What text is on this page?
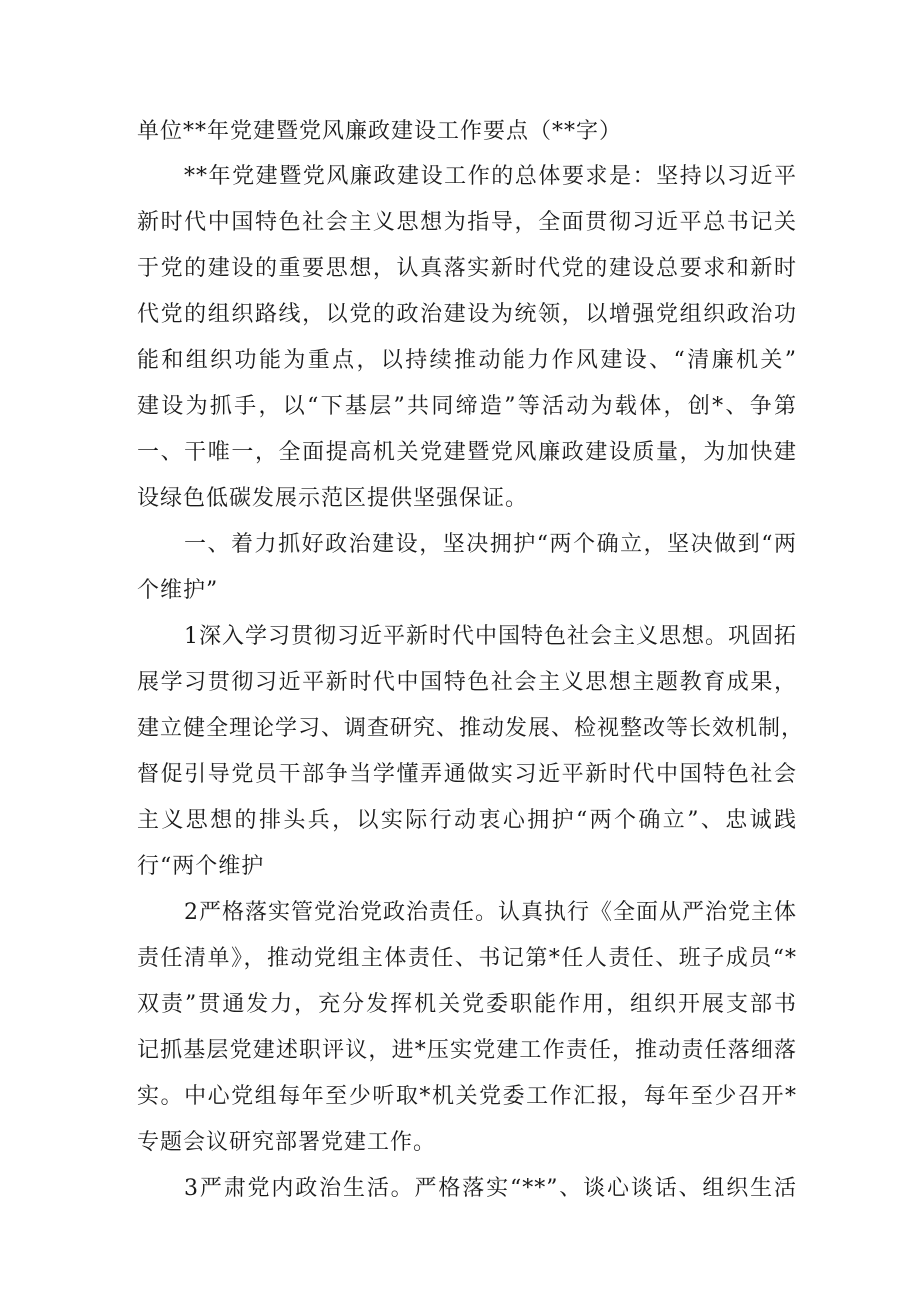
单位**年党建暨党风廉政建设工作要点（**字）
**年党建暨党风廉政建设工作的总体要求是：坚持以习近平
新时代中国特色社会主义思想为指导，全面贯彻习近平总书记关
于党的建设的重要思想，认真落实新时代党的建设总要求和新时
代党的组织路线，以党的政治建设为统领，以增强党组织政治功
能和组织功能为重点，以持续推动能力作风建设、“清廉机关”
建设为抓手，以“下基层”共同缔造”等活动为载体，创*、争第
一、干唯一，全面提高机关党建暨党风廉政建设质量，为加快建
设绿色低碳发展示范区提供坚强保证。
一、着力抓好政治建设，坚决拥护“两个确立，坚决做到“两
个维护”
1深入学习贯彻习近平新时代中国特色社会主义思想。巩固拓
展学习贯彻习近平新时代中国特色社会主义思想主题教育成果，
建立健全理论学习、调查研究、推动发展、检视整改等长效机制，
督促引导党员干部争当学懂弄通做实习近平新时代中国特色社会
主义思想的排头兵，以实际行动衷心拥护“两个确立”、忠诚践
行“两个维护
2严格落实管党治党政治责任。认真执行《全面从严治党主体
责任清单》，推动党组主体责任、书记第*任人责任、班子成员“*
双责”贯通发力，充分发挥机关党委职能作用，组织开展支部书
记抓基层党建述职评议，进*压实党建工作责任，推动责任落细落
实。中心党组每年至少听取*机关党委工作汇报，每年至少召开*
专题会议研究部署党建工作。
3严肃党内政治生活。严格落实“**”、谈心谈话、组织生活
